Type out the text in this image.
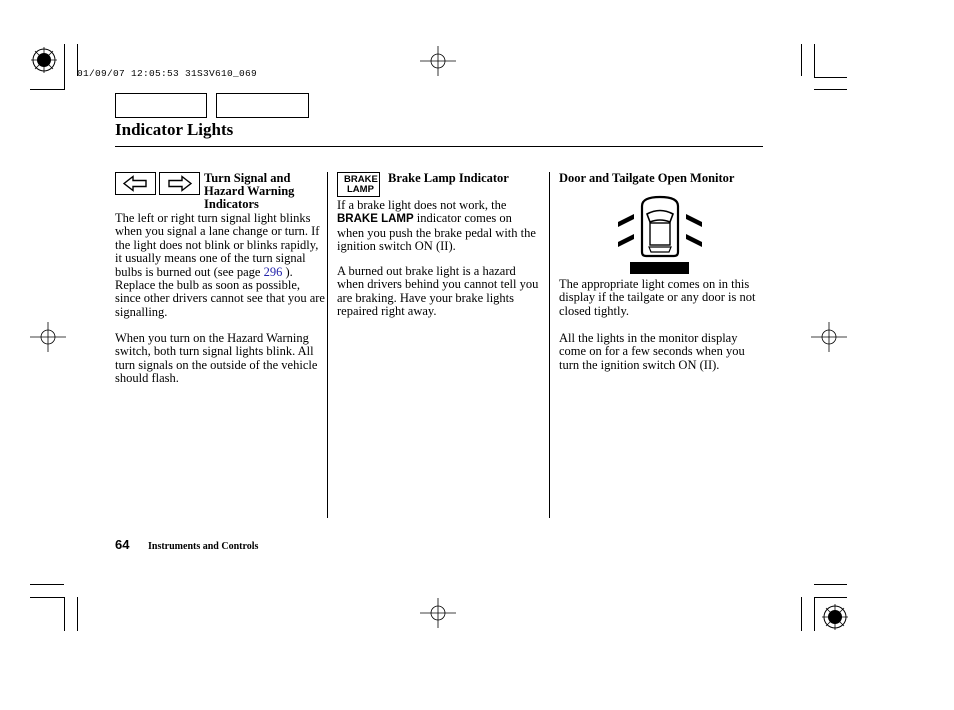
01/09/07 12:05:53 31S3V610_069
Indicator Lights
Turn Signal and
Hazard Warning
Indicators
The left or right turn signal light blinks when you signal a lane change or turn. If the light does not blink or blinks rapidly, it usually means one of the turn signal bulbs is burned out (see page 296 ). Replace the bulb as soon as possible, since other drivers cannot see that you are signalling.
When you turn on the Hazard Warning switch, both turn signal lights blink. All turn signals on the outside of the vehicle should flash.
BRAKE
LAMP
Brake Lamp Indicator
If a brake light does not work, the BRAKE LAMP indicator comes on when you push the brake pedal with the ignition switch ON (II).
A burned out brake light is a hazard when drivers behind you cannot tell you are braking. Have your brake lights repaired right away.
Door and Tailgate Open Monitor
The appropriate light comes on in this display if the tailgate or any door is not closed tightly.
All the lights in the monitor display come on for a few seconds when you turn the ignition switch ON (II).
64 Instruments and Controls
